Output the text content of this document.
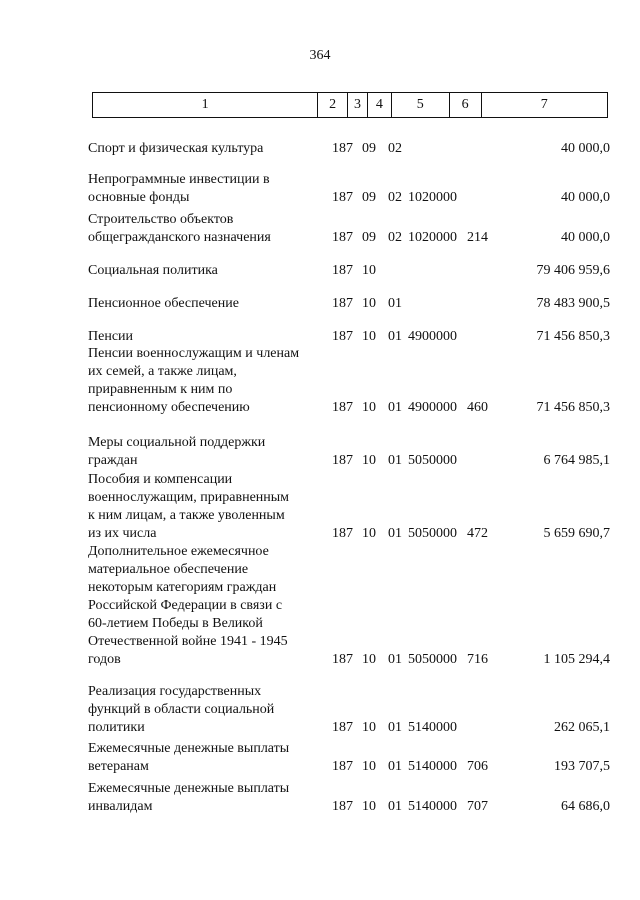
364
1	2	3	4	5	6	7
Спорт и физическая культура	187 09 02	40 000,0
Непрограммные инвестиции в
основные фонды	187 09 02 1020000	40 000,0
Строительство объектов
общегражданского назначения	187 09 02 1020000 214	40 000,0
Социальная политика	187 10	79 406 959,6
Пенсионное обеспечение	187 10 01	78 483 900,5
Пенсии	187 10 01 4900000	71 456 850,3
Пенсии военнослужащим и членам
их семей, а также лицам,
приравненным к ним по
пенсионному обеспечению	187 10 01 4900000 460	71 456 850,3
Меры социальной поддержки
граждан	187 10 01 5050000	6 764 985,1
Пособия и компенсации
военнослужащим, приравненным
к ним лицам, а также уволенным
из их числа	187 10 01 5050000 472	5 659 690,7
Дополнительное ежемесячное
материальное обеспечение
некоторым категориям граждан
Российской Федерации в связи с
60-летием Победы в Великой
Отечественной войне 1941 - 1945
годов	187 10 01 5050000 716	1 105 294,4
Реализация государственных
функций в области социальной
политики	187 10 01 5140000	262 065,1
Ежемесячные денежные выплаты
ветеранам	187 10 01 5140000 706	193 707,5
Ежемесячные денежные выплаты
инвалидам	187 10 01 5140000 707	64 686,0
